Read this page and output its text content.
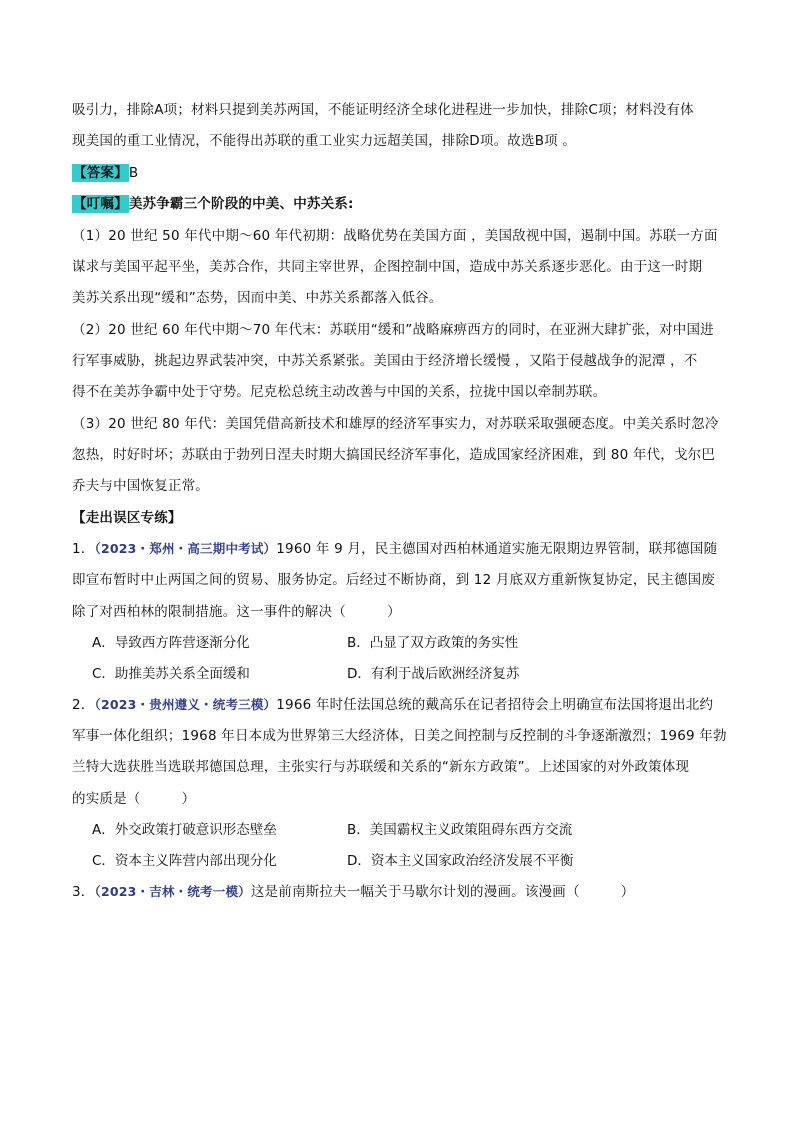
吸引力，排除A项；材料只提到美苏两国，不能证明经济全球化进程进一步加快，排除C项；材料没有体
现美国的重工业情况，不能得出苏联的重工业实力远超美国，排除D项。故选B项 。
【答案】B
【叮嘱】美苏争霸三个阶段的中美、中苏关系:
（1）20 世纪 50 年代中期～60 年代初期：战略优势在美国方面 ，美国敌视中国，遏制中国。苏联一方面
谋求与美国平起平坐，美苏合作，共同主宰世界，企图控制中国，造成中苏关系逐步恶化。由于这一时期
美苏关系出现“缓和”态势，因而中美、中苏关系都落入低谷。
（2）20 世纪 60 年代中期～70 年代末：苏联用“缓和”战略麻痹西方的同时，在亚洲大肆扩张，对中国进
行军事威胁，挑起边界武装冲突，中苏关系紧张。美国由于经济增长缓慢 ，又陷于侵越战争的泥潭 ，不
得不在美苏争霸中处于守势。尼克松总统主动改善与中国的关系，拉拢中国以牵制苏联。
（3）20 世纪 80 年代：美国凭借高新技术和雄厚的经济军事实力，对苏联采取强硬态度。中美关系时忽冷
忽热，时好时坏；苏联由于勃列日涅夫时期大搞国民经济军事化，造成国家经济困难，到 80 年代，戈尔巴
乔夫与中国恢复正常。
【走出误区专练】
1．（2023・郑州・高三期中考试）1960 年 9 月，民主德国对西柏林通道实施无限期边界管制，联邦德国随
即宣布暂时中止两国之间的贸易、服务协定。后经过不断协商，到 12 月底双方重新恢复协定，民主德国废
除了对西柏林的限制措施。这一事件的解决（　　　）
A．导致西方阵营逐渐分化	B．凸显了双方政策的务实性
C．助推美苏关系全面缓和	D．有利于战后欧洲经济复苏
2．（2023・贵州遵义・统考三模）1966 年时任法国总统的戴高乐在记者招待会上明确宣布法国将退出北约
军事一体化组织；1968 年日本成为世界第三大经济体，日美之间控制与反控制的斗争逐渐激烈；1969 年勃
兰特大选获胜当选联邦德国总理，主张实行与苏联缓和关系的“新东方政策”。上述国家的对外政策体现
的实质是（　　　）
A．外交政策打破意识形态壁垒	B．美国霸权主义政策阻碍东西方交流
C．资本主义阵营内部出现分化	D．资本主义国家政治经济发展不平衡
3．（2023・吉林・统考一模）这是前南斯拉夫一幅关于马歇尔计划的漫画。该漫画（　　　）
